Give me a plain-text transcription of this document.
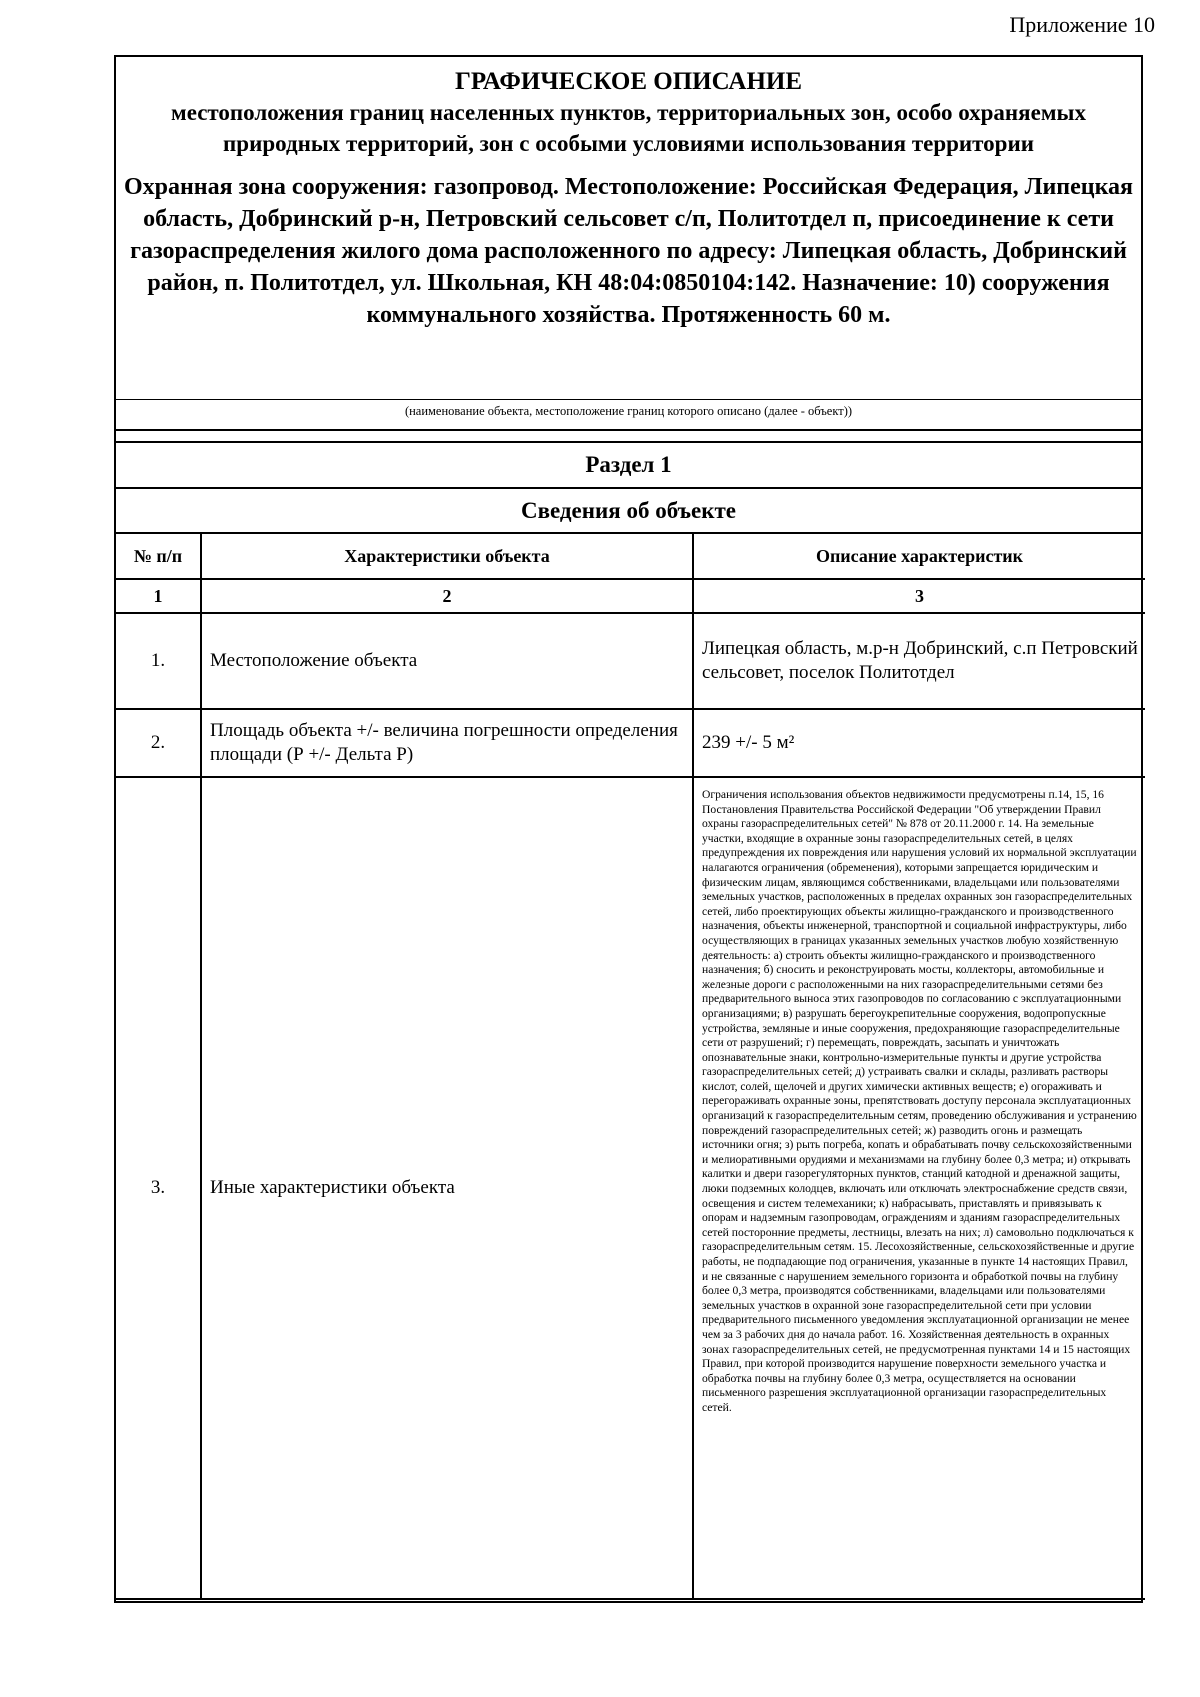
Приложение 10

ГРАФИЧЕСКОЕ ОПИСАНИЕ

местоположения границ населенных пунктов, территориальных зон, особо охраняемых природных территорий, зон с особыми условиями использования территории

Охранная зона сооружения: газопровод. Местоположение: Российская Федерация, Липецкая область, Добринский р-н, Петровский сельсовет с/п, Политотдел п, присоединение к сети газораспределения жилого дома расположенного по адресу: Липецкая область, Добринский район, п. Политотдел, ул. Школьная, КН 48:04:0850104:142. Назначение: 10) сооружения коммунального хозяйства. Протяженность 60 м.

(наименование объекта, местоположение границ которого описано (далее - объект))
Раздел 1
Сведения об объекте
№ п/п	Характеристики объекта	Описание характеристик
1	2	3
1.	Местоположение объекта	Липецкая область, м.р-н Добринский, с.п Петровский сельсовет, поселок Политотдел
2.	Площадь объекта +/- величина погрешности определения площади (Р +/- Дельта Р)	239 +/- 5 м²
3.	Иные характеристики объекта	Ограничения использования объектов недвижимости предусмотрены п.14, 15, 16 Постановления Правительства Российской Федерации "Об утверждении Правил охраны газораспределительных сетей" № 878 от 20.11.2000 г. 14. На земельные участки, входящие в охранные зоны газораспределительных сетей, в целях предупреждения их повреждения или нарушения условий их нормальной эксплуатации налагаются ограничения (обременения), которыми запрещается юридическим и физическим лицам, являющимся собственниками, владельцами или пользователями земельных участков, расположенных в пределах охранных зон газораспределительных сетей, либо проектирующих объекты жилищно-гражданского и производственного назначения, объекты инженерной, транспортной и социальной инфраструктуры, либо осуществляющих в границах указанных земельных участков любую хозяйственную деятельность: а) строить объекты жилищно-гражданского и производственного назначения; б) сносить и реконструировать мосты, коллекторы, автомобильные и железные дороги с расположенными на них газораспределительными сетями без предварительного выноса этих газопроводов по согласованию с эксплуатационными организациями; в) разрушать берегоукрепительные сооружения, водопропускные устройства, земляные и иные сооружения, предохраняющие газораспределительные сети от разрушений; г) перемещать, повреждать, засыпать и уничтожать опознавательные знаки, контрольно-измерительные пункты и другие устройства газораспределительных сетей; д) устраивать свалки и склады, разливать растворы кислот, солей, щелочей и других химически активных веществ; е) огораживать и перегораживать охранные зоны, препятствовать доступу персонала эксплуатационных организаций к газораспределительным сетям, проведению обслуживания и устранению повреждений газораспределительных сетей; ж) разводить огонь и размещать источники огня; з) рыть погреба, копать и обрабатывать почву сельскохозяйственными и мелиоративными орудиями и механизмами на глубину более 0,3 метра; и) открывать калитки и двери газорегуляторных пунктов, станций катодной и дренажной защиты, люки подземных колодцев, включать или отключать электроснабжение средств связи, освещения и систем телемеханики; к) набрасывать, приставлять и привязывать к опорам и надземным газопроводам, ограждениям и зданиям газораспределительных сетей посторонние предметы, лестницы, влезать на них; л) самовольно подключаться к газораспределительным сетям. 15. Лесохозяйственные, сельскохозяйственные и другие работы, не подпадающие под ограничения, указанные в пункте 14 настоящих Правил, и не связанные с нарушением земельного горизонта и обработкой почвы на глубину более 0,3 метра, производятся собственниками, владельцами или пользователями земельных участков в охранной зоне газораспределительной сети при условии предварительного письменного уведомления эксплуатационной организации не менее чем за 3 рабочих дня до начала работ. 16. Хозяйственная деятельность в охранных зонах газораспределительных сетей, не предусмотренная пунктами 14 и 15 настоящих Правил, при которой производится нарушение поверхности земельного участка и обработка почвы на глубину более 0,3 метра, осуществляется на основании письменного разрешения эксплуатационной организации газораспределительных сетей.
